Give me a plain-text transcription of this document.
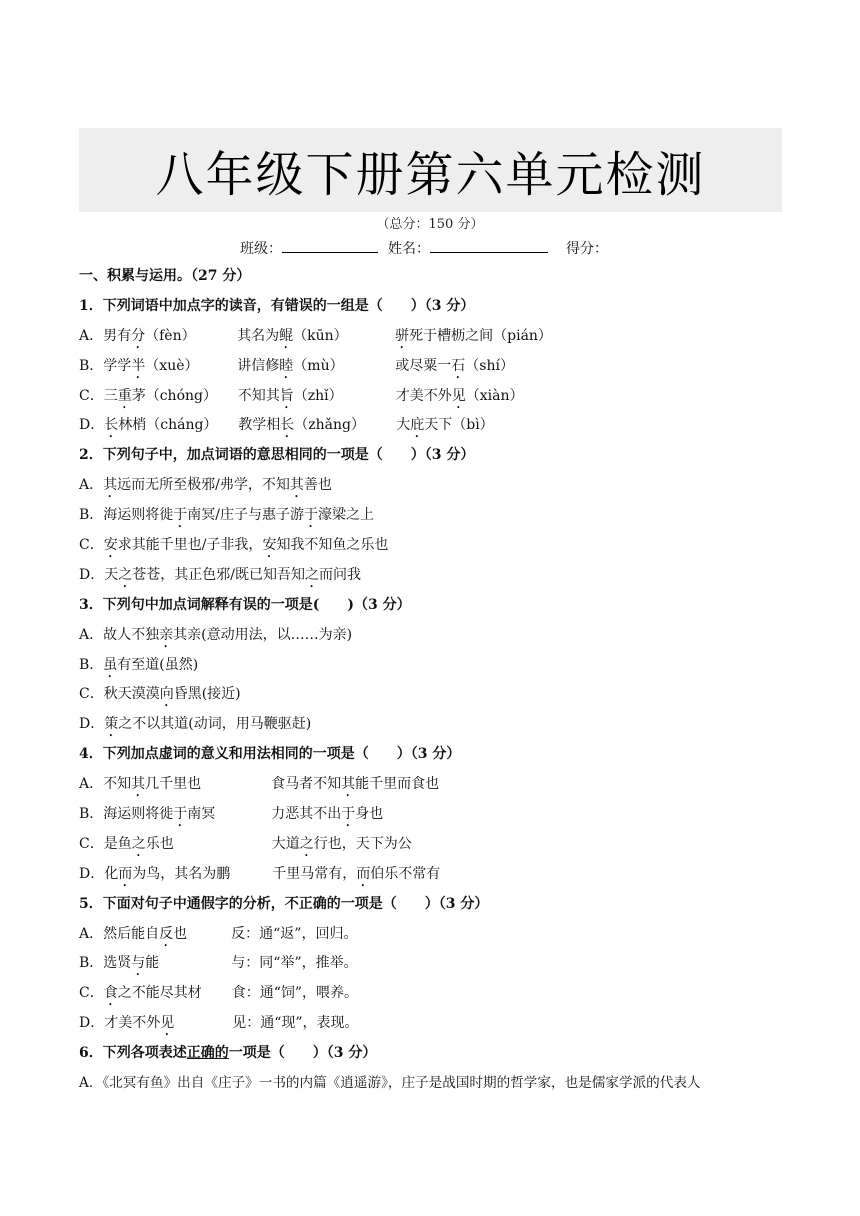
八年级下册第六单元检测
（总分：150 分）
班级：	姓名：	得分：
一、积累与运用。（27 分）
1．下列词语中加点字的读音，有错误的一组是（　　）（3 分）
A．男有分（fèn）	其名为鲲（kūn）	骈死于槽枥之间（pián）
B．学学半（xuè）	讲信修睦（mù）	或尽粟一石（shí）
C．三重茅（chóng） 不知其旨（zhǐ）	才美不外见（xiàn）
D．长林梢（cháng） 教学相长（zhǎng） 大庇天下（bì）
2．下列句子中，加点词语的意思相同的一项是（　　）（3 分）
A．其远而无所至极邪/弗学，不知其善也
B．海运则将徙于南冥/庄子与惠子游于濠梁之上
C．安求其能千里也/子非我，安知我不知鱼之乐也
D．天之苍苍，其正色邪/既已知吾知之而问我
3．下列句中加点词解释有误的一项是(　　)（3 分）
A．故人不独亲其亲(意动用法，以……为亲)
B．虽有至道(虽然)
C．秋天漠漠向昏黑(接近)
D．策之不以其道(动词，用马鞭驱赶)
4．下列加点虚词的意义和用法相同的一项是（　　）（3 分）
A．不知其几千里也	食马者不知其能千里而食也
B．海运则将徙于南冥	力恶其不出于身也
C．是鱼之乐也	大道之行也，天下为公
D．化而为鸟，其名为鹏	千里马常有，而伯乐不常有
5．下面对句子中通假字的分析，不正确的一项是（　　）（3 分）
A．然后能自反也	反：通“返”，回归。
B．选贤与能	与：同“举”，推举。
C．食之不能尽其材 食：通“饲”，喂养。
D．才美不外见	见：通“现”，表现。
6．下列各项表述正确的一项是（　　）（3 分）
A．《北冥有鱼》出自《庄子》一书的内篇《逍遥游》，庄子是战国时期的哲学家，也是儒家学派的代表人
